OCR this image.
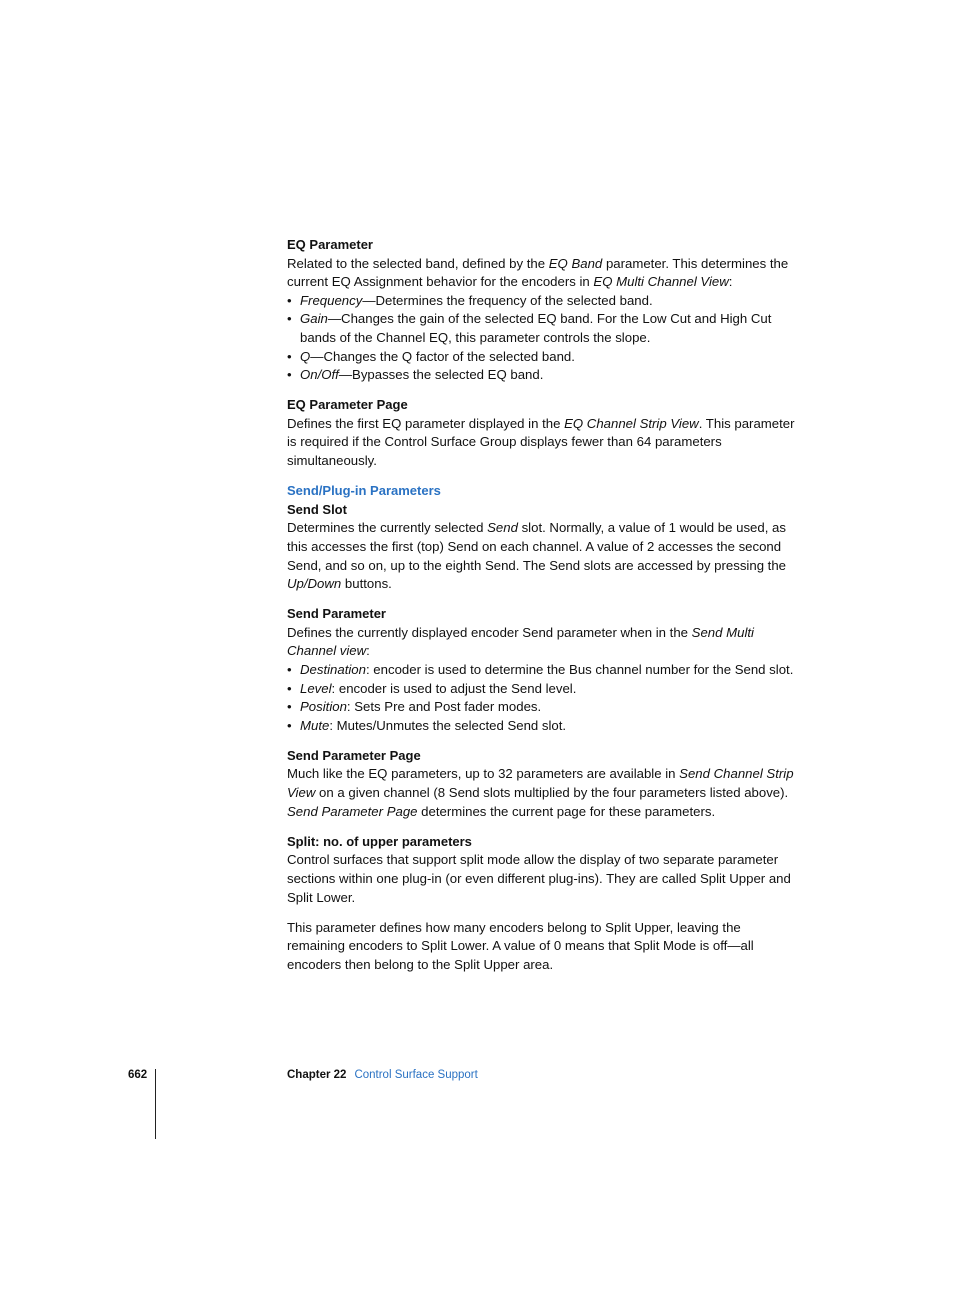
EQ Parameter

Related to the selected band, defined by the EQ Band parameter. This determines the current EQ Assignment behavior for the encoders in EQ Multi Channel View:

• Frequency—Determines the frequency of the selected band.
• Gain—Changes the gain of the selected EQ band. For the Low Cut and High Cut bands of the Channel EQ, this parameter controls the slope.
• Q—Changes the Q factor of the selected band.
• On/Off—Bypasses the selected EQ band.
EQ Parameter Page

Defines the first EQ parameter displayed in the EQ Channel Strip View. This parameter is required if the Control Surface Group displays fewer than 64 parameters simultaneously.

Send/Plug-in Parameters
Send Slot

Determines the currently selected Send slot. Normally, a value of 1 would be used, as this accesses the first (top) Send on each channel. A value of 2 accesses the second Send, and so on, up to the eighth Send. The Send slots are accessed by pressing the Up/Down buttons.

Send Parameter

Defines the currently displayed encoder Send parameter when in the Send Multi Channel view:

• Destination: encoder is used to determine the Bus channel number for the Send slot.
• Level: encoder is used to adjust the Send level.
• Position: Sets Pre and Post fader modes.
• Mute: Mutes/Unmutes the selected Send slot.
Send Parameter Page

Much like the EQ parameters, up to 32 parameters are available in Send Channel Strip View on a given channel (8 Send slots multiplied by the four parameters listed above). Send Parameter Page determines the current page for these parameters.

Split: no. of upper parameters

Control surfaces that support split mode allow the display of two separate parameter sections within one plug-in (or even different plug-ins). They are called Split Upper and Split Lower.

This parameter defines how many encoders belong to Split Upper, leaving the remaining encoders to Split Lower. A value of 0 means that Split Mode is off—all encoders then belong to the Split Upper area.

662	Chapter 22 Control Surface Support
